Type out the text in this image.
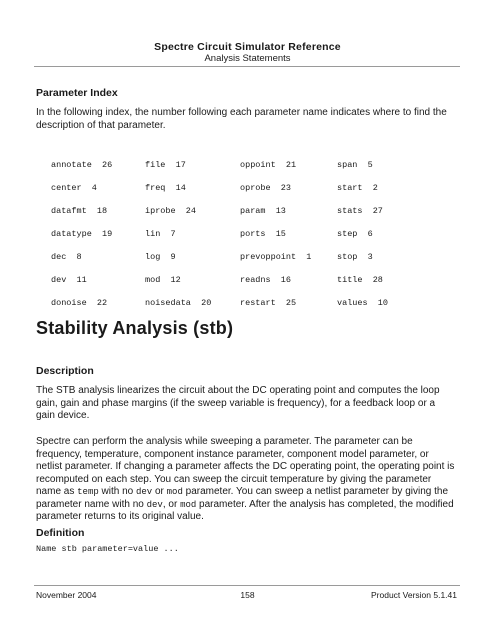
Spectre Circuit Simulator Reference
Analysis Statements
Parameter Index
In the following index, the number following each parameter name indicates where to find the description of that parameter.
annotate  26	file  17	oppoint  21	span  5
center  4	freq  14	oprobe  23	start  2
datafmt  18	iprobe  24	param  13	stats  27
datatype  19	lin  7	ports  15	step  6
dec  8	log  9	prevoppoint  1	stop  3
dev  11	mod  12	readns  16	title  28
donoise  22	noisedata  20	restart  25	values  10
Stability Analysis (stb)
Description
The STB analysis linearizes the circuit about the DC operating point and computes the loop gain, gain and phase margins (if the sweep variable is frequency), for a feedback loop or a gain device.
Spectre can perform the analysis while sweeping a parameter. The parameter can be frequency, temperature, component instance parameter, component model parameter, or netlist parameter. If changing a parameter affects the DC operating point, the operating point is recomputed on each step. You can sweep the circuit temperature by giving the parameter name as temp with no dev or mod parameter. You can sweep a netlist parameter by giving the parameter name with no dev, or mod parameter. After the analysis has completed, the modified parameter returns to its original value.
Definition
Name stb parameter=value ...
November 2004	158	Product Version 5.1.41
